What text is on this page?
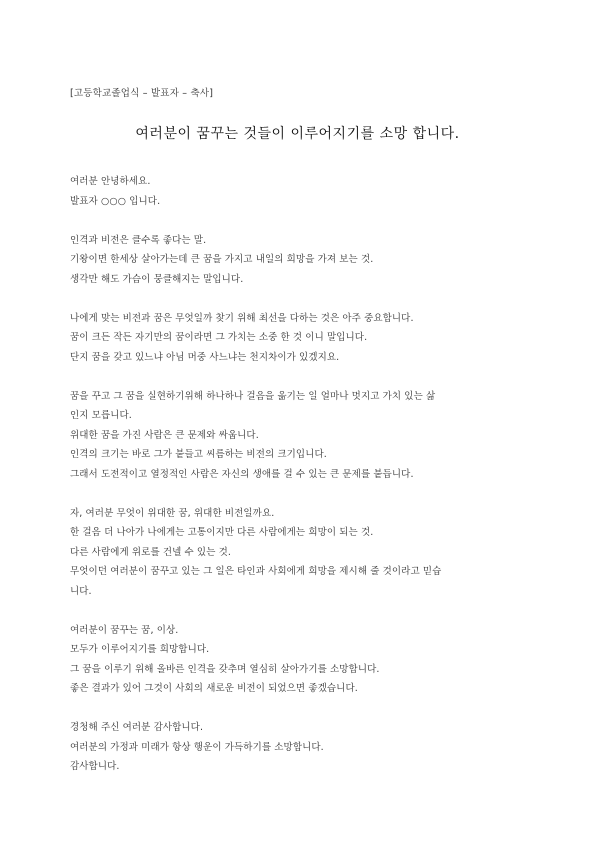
[고등학교졸업식 – 발표자 – 축사]
여러분이 꿈꾸는 것들이 이루어지기를 소망 합니다.
여러분 안녕하세요.
발표자 ○○○ 입니다.
인격과 비전은 클수록 좋다는 말.
기왕이면 한세상 살아가는데 큰 꿈을 가지고 내일의 희망을 가져 보는 것.
생각만 해도 가슴이 뭉클해지는 말입니다.
나에게 맞는 비전과 꿈은 무엇일까 찾기 위해 최선을 다하는 것은 아주 중요합니다.
꿈이 크든 작든 자기만의 꿈이라면 그 가치는 소중 한 것 이니 말입니다.
단지 꿈을 갖고 있느냐 아님 머중 사느냐는 천지차이가 있겠지요.
꿈을 꾸고 그 꿈을 실현하기위해 하나하나 걸음을 옮기는 일 얼마나 멋지고 가치 있는 삶
인지 모릅니다.
위대한 꿈을 가진 사람은 큰 문제와 싸웁니다.
인격의 크기는 바로 그가 붙들고 씨름하는 비전의 크기입니다.
그래서 도전적이고 열정적인 사람은 자신의 생애를 걸 수 있는 큰 문제를 붙듭니다.
자, 여러분 무엇이 위대한 꿈, 위대한 비전일까요.
한 걸음 더 나아가 나에게는 고통이지만 다른 사람에게는 희망이 되는 것.
다른 사람에게 위로를 건넬 수 있는 것.
무엇이던 여러분이 꿈꾸고 있는 그 일은 타인과 사회에게 희망을 제시해 줄 것이라고 믿습
니다.
여러분이 꿈꾸는 꿈, 이상.
모두가 이루어지기를 희망합니다.
그 꿈을 이루기 위해 올바른 인격을 갖추며 열심히 살아가기를 소망합니다.
좋은 결과가 있어 그것이 사회의 새로운 비전이 되었으면 좋겠습니다.
경청해 주신 여러분 감사합니다.
여러분의 가정과 미래가 항상 행운이 가득하기를 소망합니다.
감사합니다.
